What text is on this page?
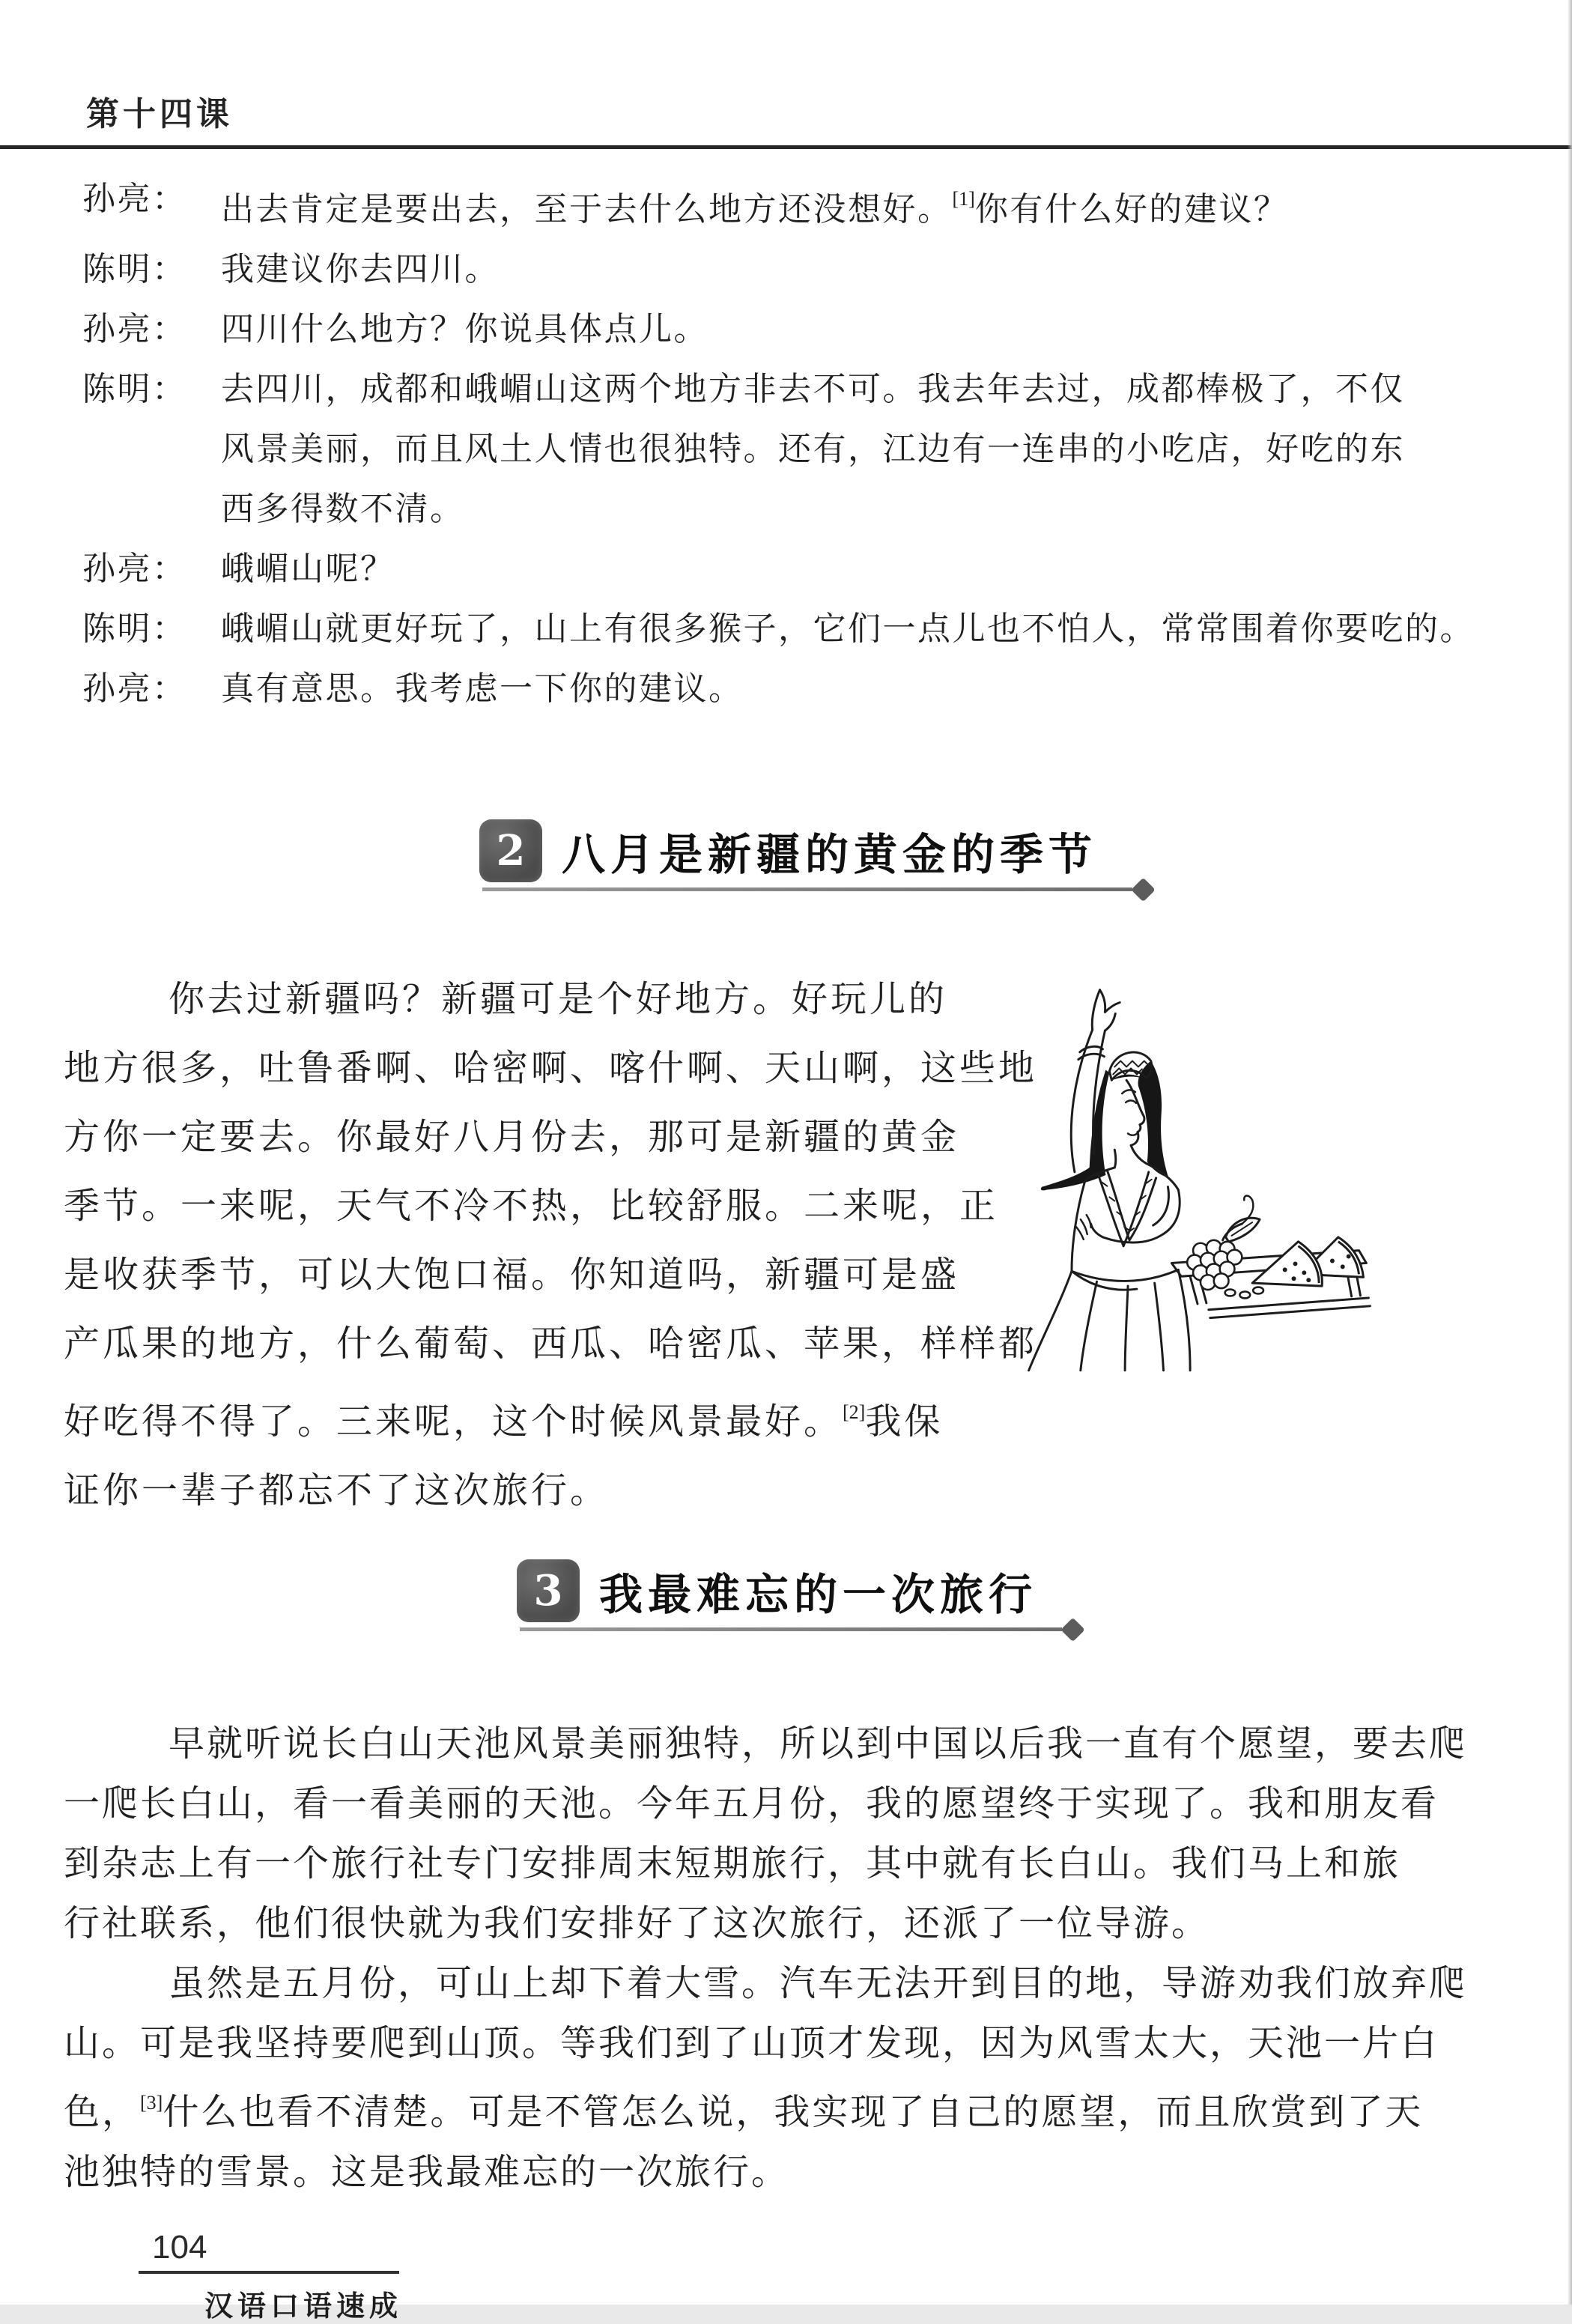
第十四课
孙亮：	出去肯定是要出去，至于去什么地方还没想好。[1]你有什么好的建议？
陈明：	我建议你去四川。
孙亮：	四川什么地方？你说具体点儿。
陈明：	去四川，成都和峨嵋山这两个地方非去不可。我去年去过，成都棒极了，不仅
风景美丽，而且风土人情也很独特。还有，江边有一连串的小吃店，好吃的东
西多得数不清。
孙亮：	峨嵋山呢？
陈明：	峨嵋山就更好玩了，山上有很多猴子，它们一点儿也不怕人，常常围着你要吃的。
孙亮：	真有意思。我考虑一下你的建议。
2 八月是新疆的黄金的季节
你去过新疆吗？新疆可是个好地方。好玩儿的
地方很多，吐鲁番啊、哈密啊、喀什啊、天山啊，这些地
方你一定要去。你最好八月份去，那可是新疆的黄金
季节。一来呢，天气不冷不热，比较舒服。二来呢，正
是收获季节，可以大饱口福。你知道吗，新疆可是盛
产瓜果的地方，什么葡萄、西瓜、哈密瓜、苹果，样样都
好吃得不得了。三来呢，这个时候风景最好。[2]我保
证你一辈子都忘不了这次旅行。
3 我最难忘的一次旅行
早就听说长白山天池风景美丽独特，所以到中国以后我一直有个愿望，要去爬
一爬长白山，看一看美丽的天池。今年五月份，我的愿望终于实现了。我和朋友看
到杂志上有一个旅行社专门安排周末短期旅行，其中就有长白山。我们马上和旅
行社联系，他们很快就为我们安排好了这次旅行，还派了一位导游。
虽然是五月份，可山上却下着大雪。汽车无法开到目的地，导游劝我们放弃爬
山。可是我坚持要爬到山顶。等我们到了山顶才发现，因为风雪太大，天池一片白
色，[3]什么也看不清楚。可是不管怎么说，我实现了自己的愿望，而且欣赏到了天
池独特的雪景。这是我最难忘的一次旅行。
104
汉语口语速成
